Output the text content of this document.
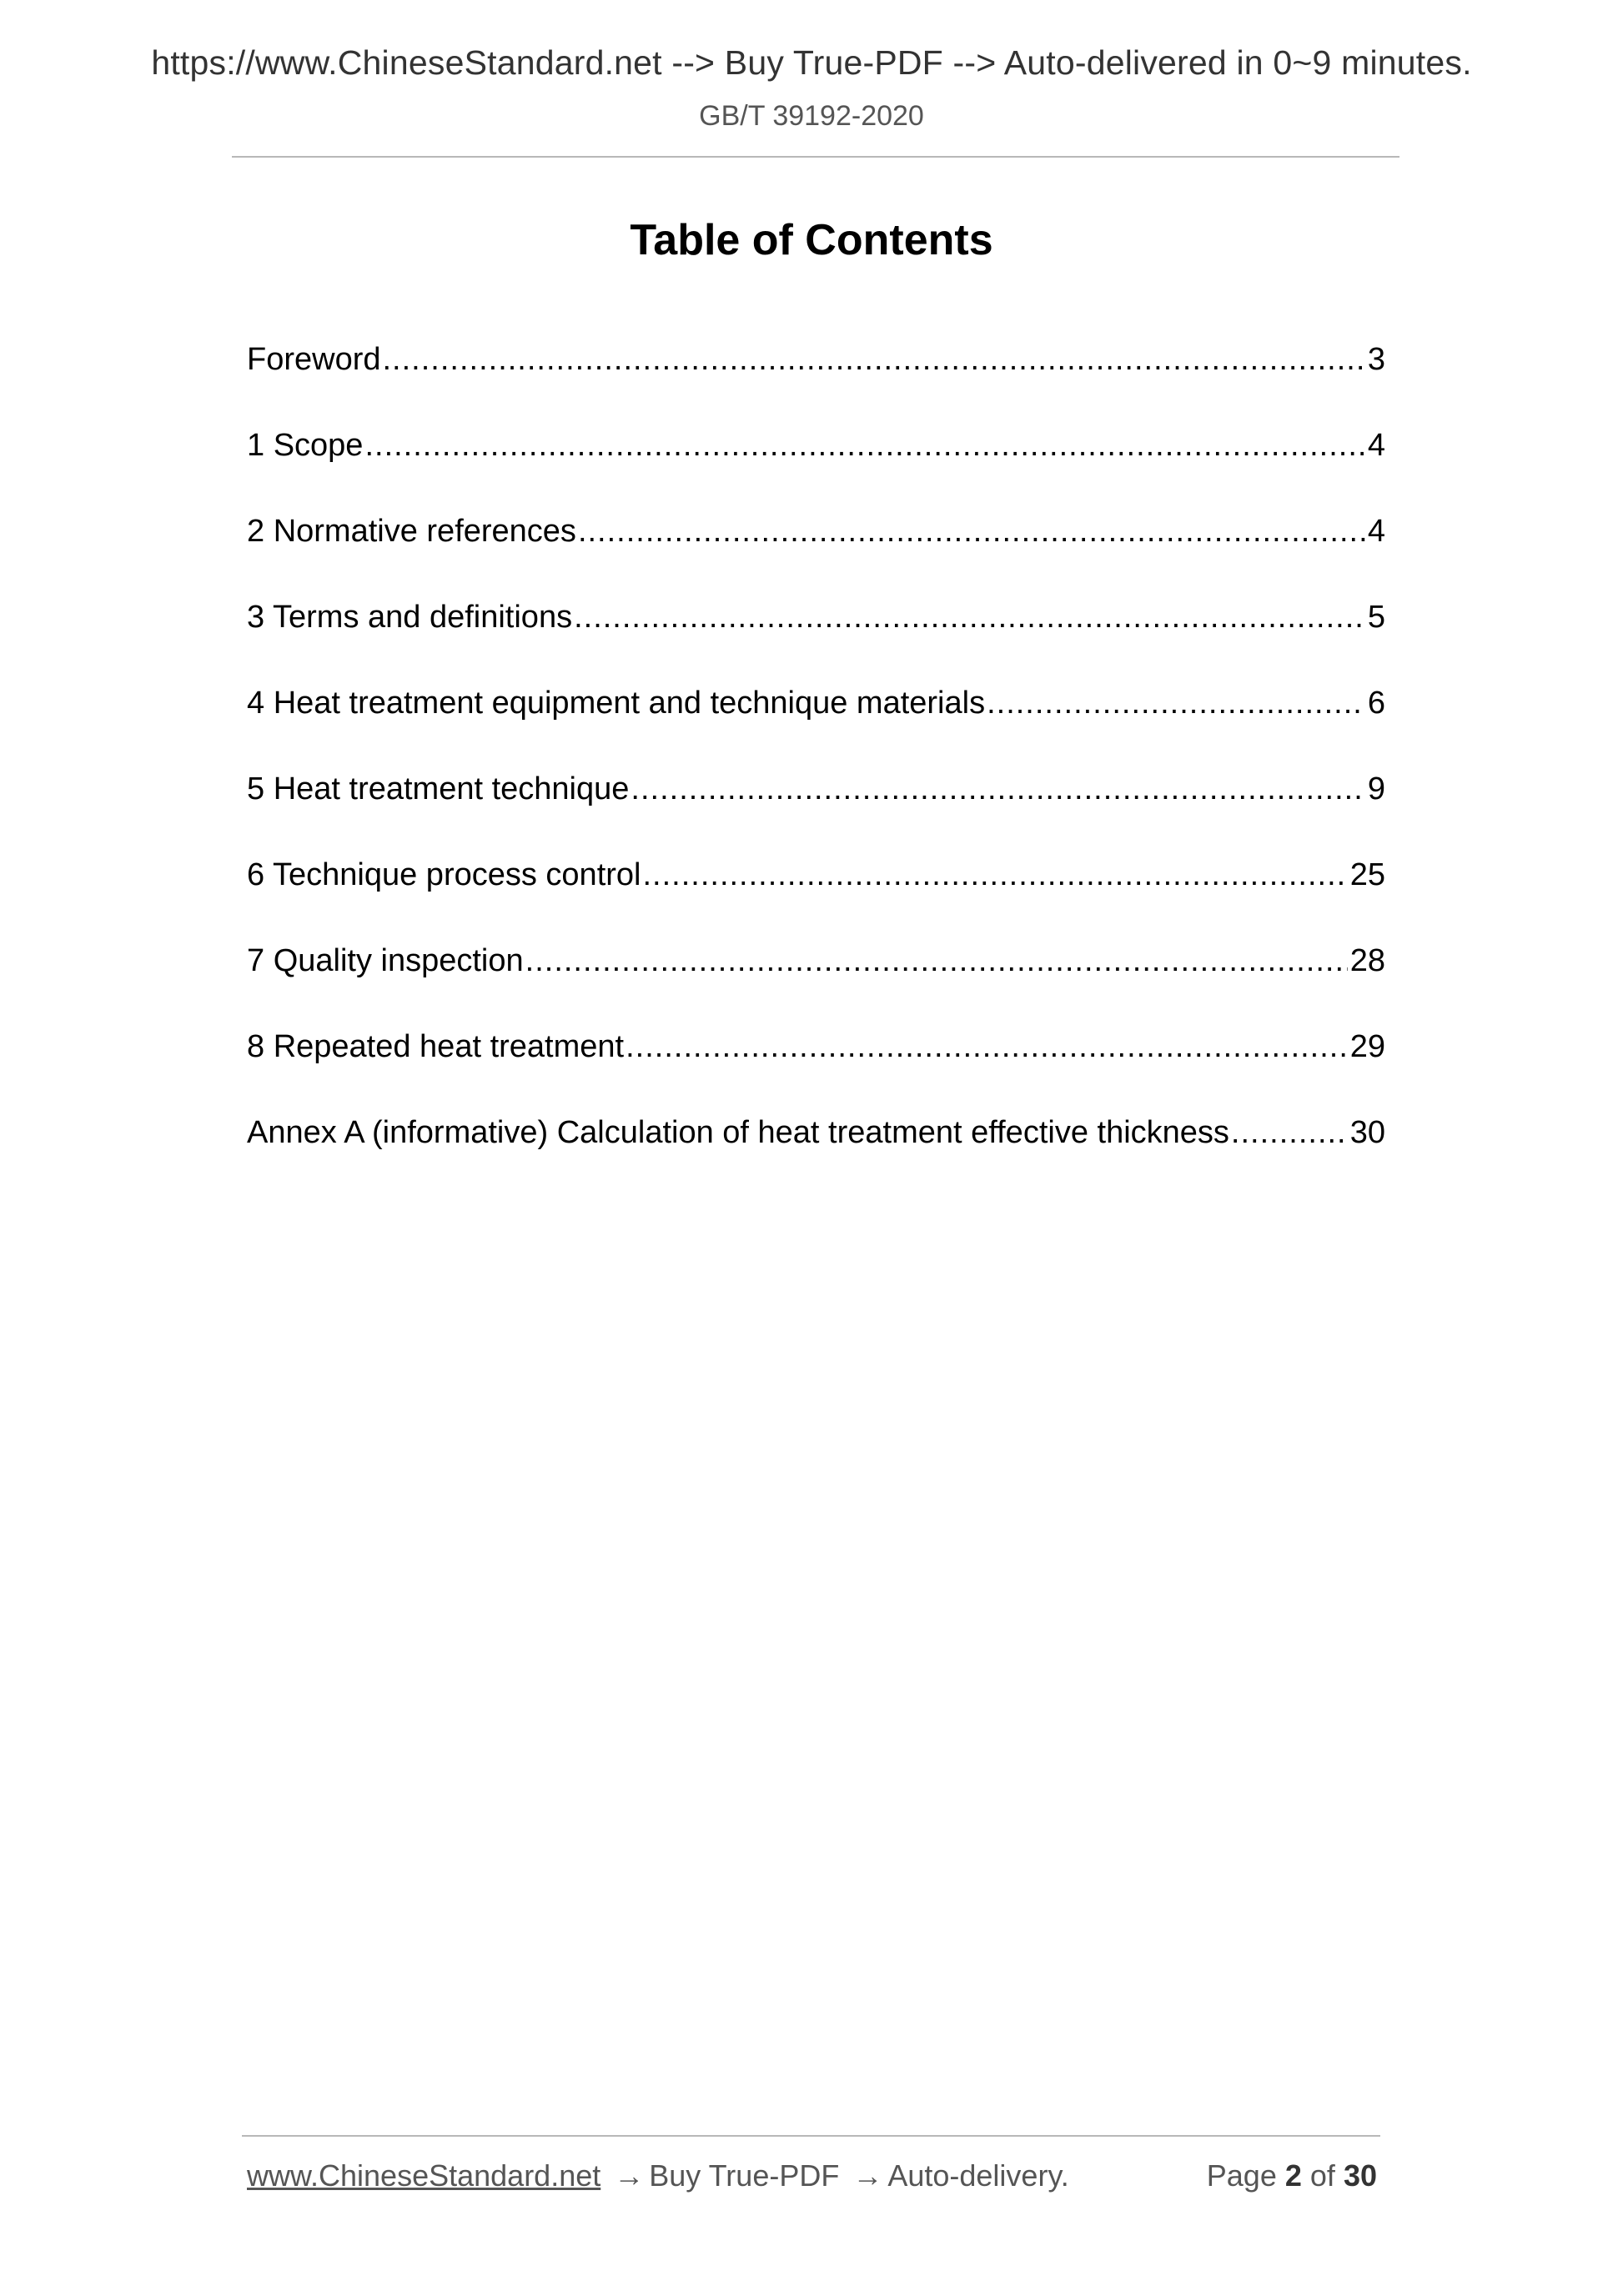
https://www.ChineseStandard.net --> Buy True-PDF --> Auto-delivered in 0~9 minutes.
GB/T 39192-2020
Table of Contents
Foreword .....	3
1 Scope .....	4
2 Normative references .....	4
3 Terms and definitions .....	5
4 Heat treatment equipment and technique materials .....	6
5 Heat treatment technique .....	9
6 Technique process control .....	25
7 Quality inspection .....	28
8 Repeated heat treatment .....	29
Annex A (informative) Calculation of heat treatment effective thickness .....	30
www.ChineseStandard.net → Buy True-PDF → Auto-delivery.	Page 2 of 30
